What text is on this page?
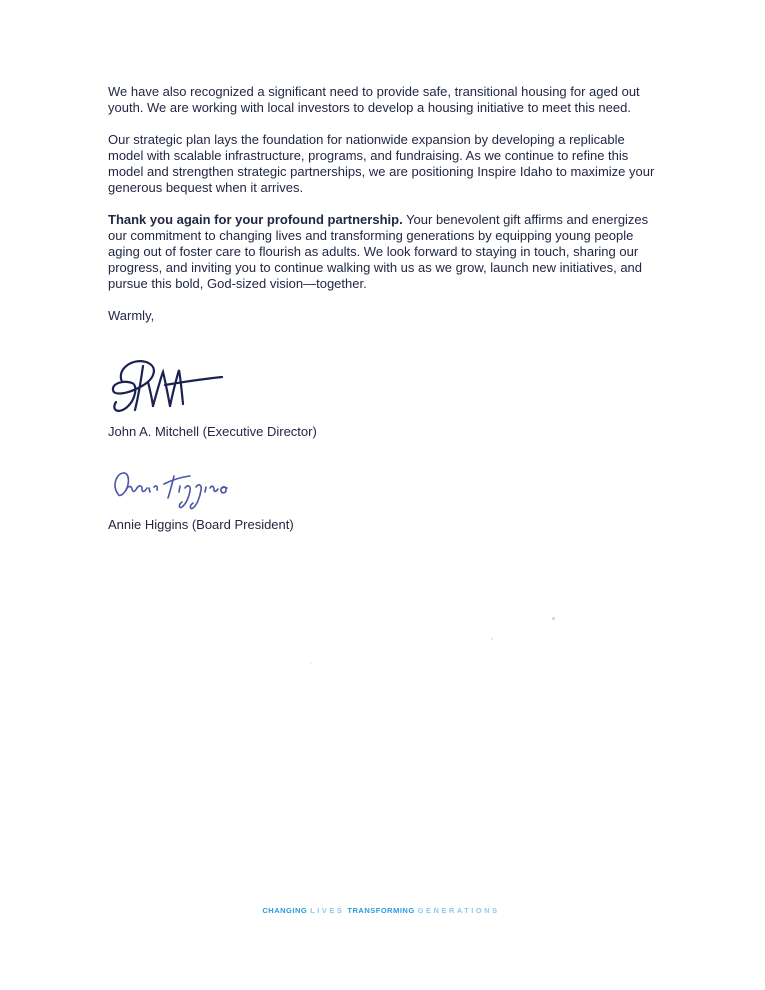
We have also recognized a significant need to provide safe, transitional housing for aged out youth. We are working with local investors to develop a housing initiative to meet this need.

Our strategic plan lays the foundation for nationwide expansion by developing a replicable model with scalable infrastructure, programs, and fundraising. As we continue to refine this model and strengthen strategic partnerships, we are positioning Inspire Idaho to maximize your generous bequest when it arrives.

Thank you again for your profound partnership. Your benevolent gift affirms and energizes our commitment to changing lives and transforming generations by equipping young people aging out of foster care to flourish as adults. We look forward to staying in touch, sharing our progress, and inviting you to continue walking with us as we grow, launch new initiatives, and pursue this bold, God-sized vision—together.

Warmly,

John A. Mitchell (Executive Director)
Annie Higgins (Board President)
CHANGING LIVES TRANSFORMING GENERATIONS
